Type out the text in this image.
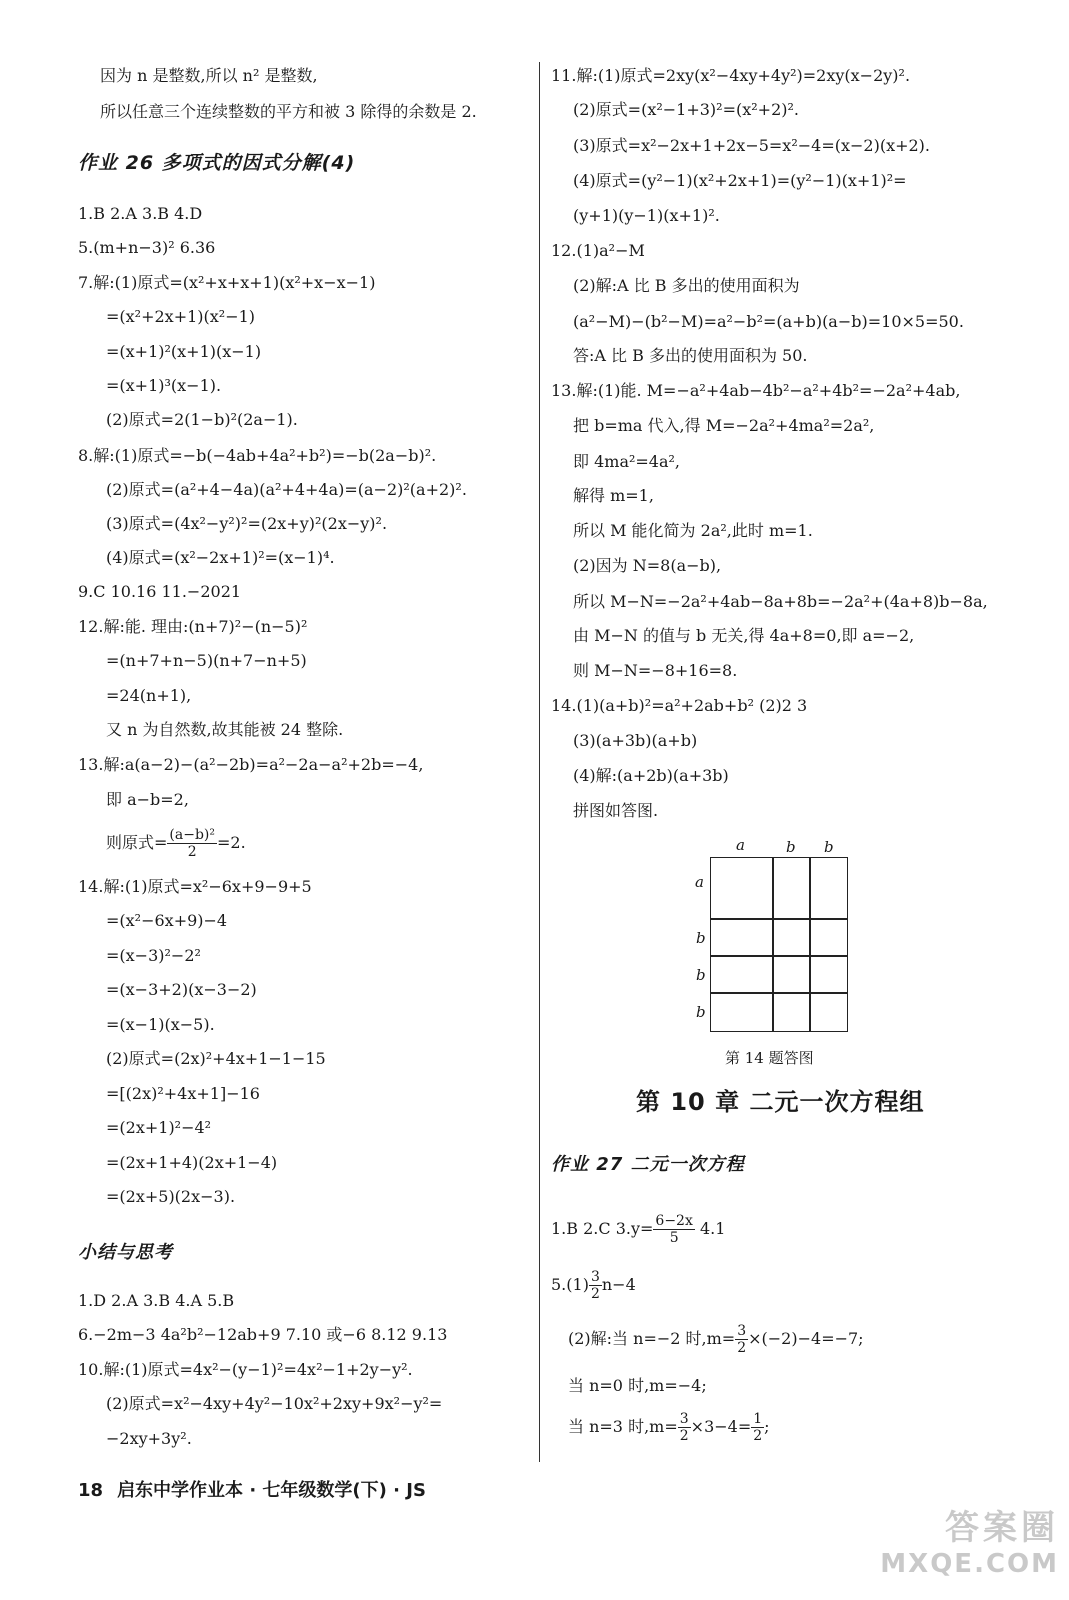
因为 n 是整数,所以 n² 是整数,
所以任意三个连续整数的平方和被 3 除得的余数是 2.
作业 26 多项式的因式分解(4)
1.B 2.A 3.B 4.D
5.(m+n−3)² 6.36
7.解:(1)原式=(x²+x+x+1)(x²+x−x−1)
=(x²+2x+1)(x²−1)
=(x+1)²(x+1)(x−1)
=(x+1)³(x−1).
(2)原式=2(1−b)²(2a−1).
8.解:(1)原式=−b(−4ab+4a²+b²)=−b(2a−b)².
(2)原式=(a²+4−4a)(a²+4+4a)=(a−2)²(a+2)².
(3)原式=(4x²−y²)²=(2x+y)²(2x−y)².
(4)原式=(x²−2x+1)²=(x−1)⁴.
9.C 10.16 11.−2021
12.解:能. 理由:(n+7)²−(n−5)²
=(n+7+n−5)(n+7−n+5)
=24(n+1),
又 n 为自然数,故其能被 24 整除.
13.解:a(a−2)−(a²−2b)=a²−2a−a²+2b=−4,
即 a−b=2,
则原式= $\frac{\text{(a−b)²}}{2} =2$.
14.解:(1)原式=x²−6x+9−9+5
=(x²−6x+9)−4
=(x−3)²−2²
=(x−3+2)(x−3−2)
=(x−1)(x−5).
(2)原式=(2x)²+4x+1−1−15
=[(2x)²+4x+1]−16
=(2x+1)²−4²
=(2x+1+4)(2x+1−4)
=(2x+5)(2x−3).
小结与思考
1.D 2.A 3.B 4.A 5.B
6.−2m−3 4a²b²−12ab+9 7.10 或−6 8.12 9.13
10.解:(1)原式=4x²−(y−1)²=4x²−1+2y−y².
(2)原式=x²−4xy+4y²−10x²+2xy+9x²−y²=
−2xy+3y².
11.解:(1)原式=2xy(x²−4xy+4y²)=2xy(x−2y)².
(2)原式=(x²−1+3)²=(x²+2)².
(3)原式=x²−2x+1+2x−5=x²−4=(x−2)(x+2).
(4)原式=(y²−1)(x²+2x+1)=(y²−1)(x+1)²=
(y+1)(y−1)(x+1)².
12.(1)a²−M
(2)解:A 比 B 多出的使用面积为
(a²−M)−(b²−M)=a²−b²=(a+b)(a−b)=10×5=50.
答:A 比 B 多出的使用面积为 50.
13.解:(1)能. M=−a²+4ab−4b²−a²+4b²=−2a²+4ab,
把 b=ma 代入,得 M=−2a²+4ma²=2a²,
即 4ma²=4a²,
解得 m=1,
所以 M 能化简为 2a²,此时 m=1.
(2)因为 N=8(a−b),
所以 M−N=−2a²+4ab−8a+8b=−2a²+(4a+8)b−8a,
由 M−N 的值与 b 无关,得 4a+8=0,即 a=−2,
则 M−N=−8+16=8.
14.(1)(a+b)²=a²+2ab+b² (2)2 3
(3)(a+3b)(a+b)
(4)解:(a+2b)(a+3b)
拼图如答图.
a	b b
a
b
b
b
第 14 题答图
第 10 章 二元一次方程组
作业 27 二元一次方程
1.B 2.C $3.y= \frac{6-2x}{5} 4.1$
$5.(1) \frac{3}{2} n-4$
(2)解:当 n=−2 时$,m= \frac{3}{2} \times(-2)-4=-7$;
当 n=0 时,m=−4;
当 n=3 时$,m= \frac{3}{2} \times 3-4= \frac{1}{2}$ ;
18 启东中学作业本 · 七年级数学(下) · JS
答案圈
MXQE.COM
